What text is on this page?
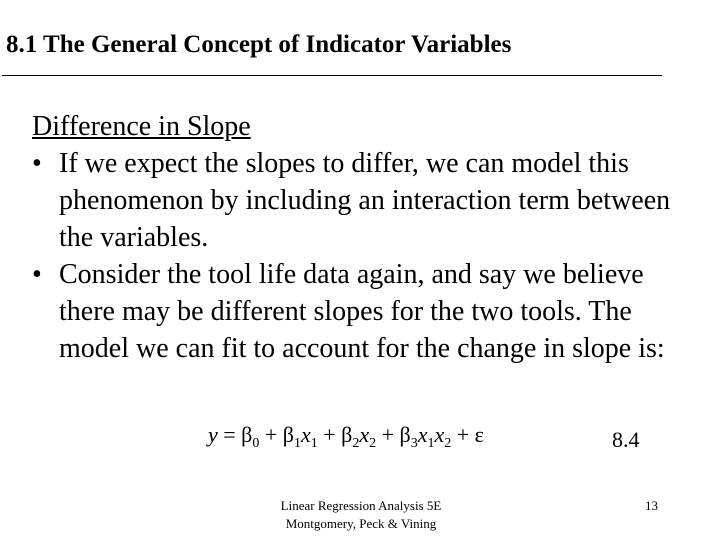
8.1 The General Concept of Indicator Variables
Difference in Slope
• If we expect the slopes to differ, we can model this phenomenon by including an interaction term between the variables.
• Consider the tool life data again, and say we believe there may be different slopes for the two tools. The model we can fit to account for the change in slope is:
$y = \beta_0 + \beta_1x_1 + \beta_2x_2 + \beta_3x_1x_2 + \varepsilon$	8.4
Linear Regression Analysis 5E
Montgomery, Peck & Vining
13
